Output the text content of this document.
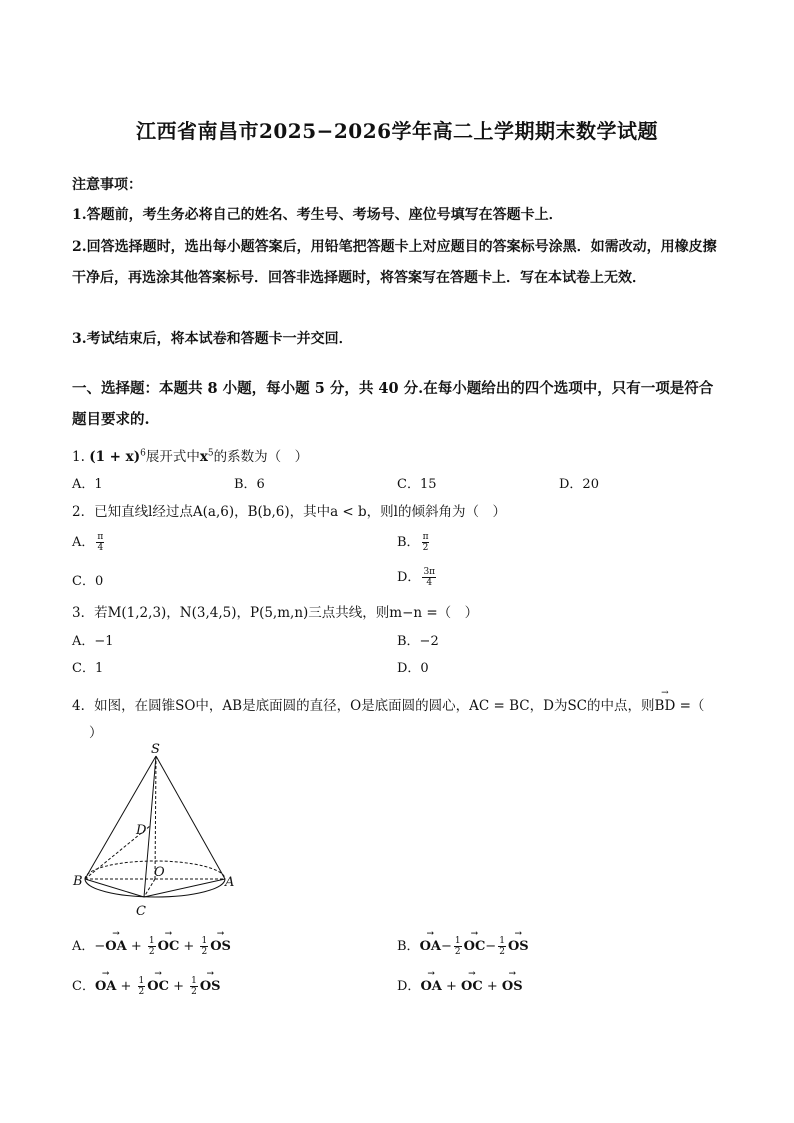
江西省南昌市2025−2026学年高二上学期期末数学试题
注意事项：
1.答题前，考生务必将自己的姓名、考生号、考场号、座位号填写在答题卡上．
2.回答选择题时，选出每小题答案后，用铅笔把答题卡上对应题目的答案标号涂黑．如需改动，用橡皮擦干净后，再选涂其他答案标号．回答非选择题时，将答案写在答题卡上．写在本试卷上无效．
3.考试结束后，将本试卷和答题卡一并交回．
一、选择题：本题共 8 小题，每小题 5 分，共 40 分.在每小题给出的四个选项中，只有一项是符合题目要求的.
1. $(1 + x)^6$展开式中$x^5$的系数为（　）
A．1	B．6	C．15	D．20
2．已知直线l经过点A(a,6)，B(b,6)，其中a < b，则l的倾斜角为（　）
A． $\frac{\pi}{4}$	B． $\frac{\pi}{2}$
C．0	D． $\frac{3\pi}{4}$
3．若M(1,2,3)，N(3,4,5)，P(5,m,n)三点共线，则m−n =（　）
A．−1	B．−2
C．1	D．0
4．如图，在圆锥SO中，AB是底面圆的直径，O是底面圆的圆心，AC = BC，D为SC的中点，则→ BD =（
）
S
D
O
B	A
C
A．−→ OA + $\frac{1}{2}$
→ OC + $\frac{1}{2}$
→ OS	B．→ $OA- \frac{1}{2}$
→ $OC- \frac{1}{2}$
→ OS
C．→ OA + $\frac{1}{2}$
→ OC + $\frac{1}{2}$
→ OS	D．→ OA + → OC + → OS
